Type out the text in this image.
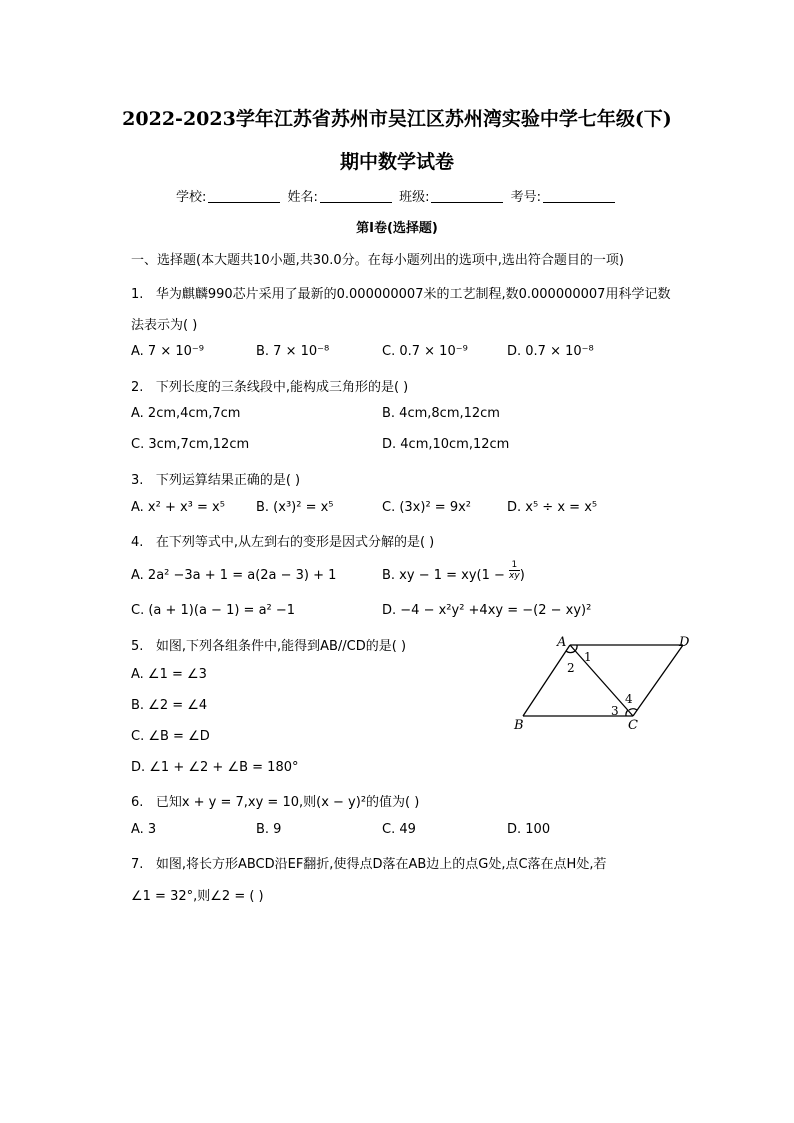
2022-2023学年江苏省苏州市吴江区苏州湾实验中学七年级(下)
期中数学试卷
学校:	姓名:	班级:	考号:
第I卷(选择题)
一、选择题(本大题共10小题,共30.0分。在每小题列出的选项中,选出符合题目的一项)
1. 华为麒麟990芯片采用了最新的0.000000007米的工艺制程,数0.000000007用科学记数
法表示为( )
A. 7 × 10⁻⁹	B. 7 × 10⁻⁸	C. 0.7 × 10⁻⁹	D. 0.7 × 10⁻⁸
2. 下列长度的三条线段中,能构成三角形的是( )
A. 2cm,4cm,7cm	B. 4cm,8cm,12cm
C. 3cm,7cm,12cm	D. 4cm,10cm,12cm
3. 下列运算结果正确的是( )
A. x² + x³ = x⁵ B. (x³)² = x⁵	C. (3x)² = 9x²	D. x⁵ ÷ x = x⁵
4. 在下列等式中,从左到右的变形是因式分解的是( )
A. 2a² −3a + 1 = a(2a − 3) + 1	B. xy − $1 = xy(1 - \frac{1}{xy}$ )
C. (a + 1)(a − 1) = a² −1	D. −4 − x²y² +4xy = −(2 − xy)²
5. 如图,下列各组条件中,能得到AB//CD的是( )
A. ∠1 = ∠3
B. ∠2 = ∠4
C. ∠B = ∠D
D. ∠1 + ∠2 + ∠B = 180°
A	D
B	C
1
2
3
4
6. 已知x + y = 7,xy = 10,则(x − y)²的值为( )
A. 3	B. 9	C. 49	D. 100
7. 如图,将长方形ABCD沿EF翻折,使得点D落在AB边上的点G处,点C落在点H处,若
∠1 = 32°,则∠2 = ( )
